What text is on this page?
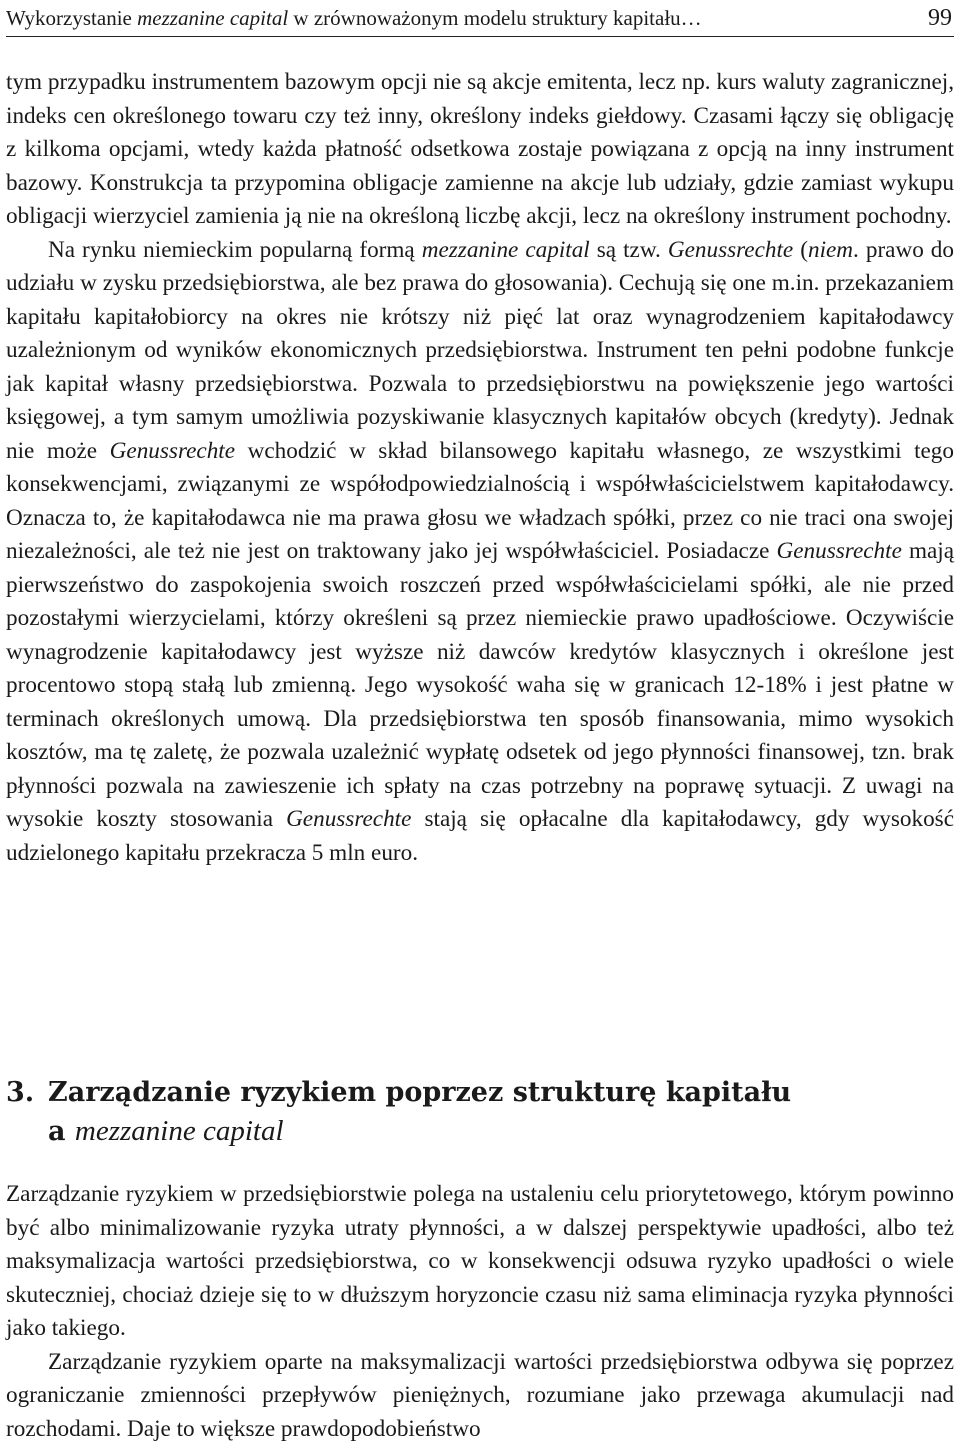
Wykorzystanie mezzanine capital w zrównoważonym modelu struktury kapitału…	99

tym przypadku instrumentem bazowym opcji nie są akcje emitenta, lecz np. kurs waluty zagranicznej, indeks cen określonego towaru czy też inny, określony indeks giełdowy. Czasami łączy się obligację z kilkoma opcjami, wtedy każda płatność odsetkowa zostaje powiązana z opcją na inny instrument bazowy. Konstrukcja ta przypomina obligacje zamienne na akcje lub udziały, gdzie zamiast wykupu obligacji wierzyciel zamienia ją nie na określoną liczbę akcji, lecz na określony instrument pochodny.

Na rynku niemieckim popularną formą mezzanine capital są tzw. Genussrechte (niem. prawo do udziału w zysku przedsiębiorstwa, ale bez prawa do głosowania). Cechują się one m.in. przekazaniem kapitału kapitałobiorcy na okres nie krótszy niż pięć lat oraz wynagrodzeniem kapitałodawcy uzależnionym od wyników ekonomicznych przedsiębiorstwa. Instrument ten pełni podobne funkcje jak kapitał własny przedsiębiorstwa. Pozwala to przedsiębiorstwu na powiększenie jego wartości księgowej, a tym samym umożliwia pozyskiwanie klasycznych kapitałów obcych (kredyty). Jednak nie może Genussrechte wchodzić w skład bilansowego kapitału własnego, ze wszystkimi tego konsekwencjami, związanymi ze współodpowiedzialnością i współwłaścicielstwem kapitałodawcy. Oznacza to, że kapitałodawca nie ma prawa głosu we władzach spółki, przez co nie traci ona swojej niezależności, ale też nie jest on traktowany jako jej współwłaściciel. Posiadacze Genussrechte mają pierwszeństwo do zaspokojenia swoich roszczeń przed współwłaścicielami spółki, ale nie przed pozostałymi wierzycielami, którzy określeni są przez niemieckie prawo upadłościowe. Oczywiście wynagrodzenie kapitałodawcy jest wyższe niż dawców kredytów klasycznych i określone jest procentowo stopą stałą lub zmienną. Jego wysokość waha się w granicach 12-18% i jest płatne w terminach określonych umową. Dla przedsiębiorstwa ten sposób finansowania, mimo wysokich kosztów, ma tę zaletę, że pozwala uzależnić wypłatę odsetek od jego płynności finansowej, tzn. brak płynności pozwala na zawieszenie ich spłaty na czas potrzebny na poprawę sytuacji. Z uwagi na wysokie koszty stosowania Genussrechte stają się opłacalne dla kapitałodawcy, gdy wysokość udzielonego kapitału przekracza 5 mln euro.

3. Zarządzanie ryzykiem poprzez strukturę kapitału
a mezzanine capital

Zarządzanie ryzykiem w przedsiębiorstwie polega na ustaleniu celu priorytetowego, którym powinno być albo minimalizowanie ryzyka utraty płynności, a w dalszej perspektywie upadłości, albo też maksymalizacja wartości przedsiębiorstwa, co w konsekwencji odsuwa ryzyko upadłości o wiele skuteczniej, chociaż dzieje się to w dłuższym horyzoncie czasu niż sama eliminacja ryzyka płynności jako takiego.

Zarządzanie ryzykiem oparte na maksymalizacji wartości przedsiębiorstwa odbywa się poprzez ograniczanie zmienności przepływów pieniężnych, rozumiane jako przewaga akumulacji nad rozchodami. Daje to większe prawdopodobieństwo
